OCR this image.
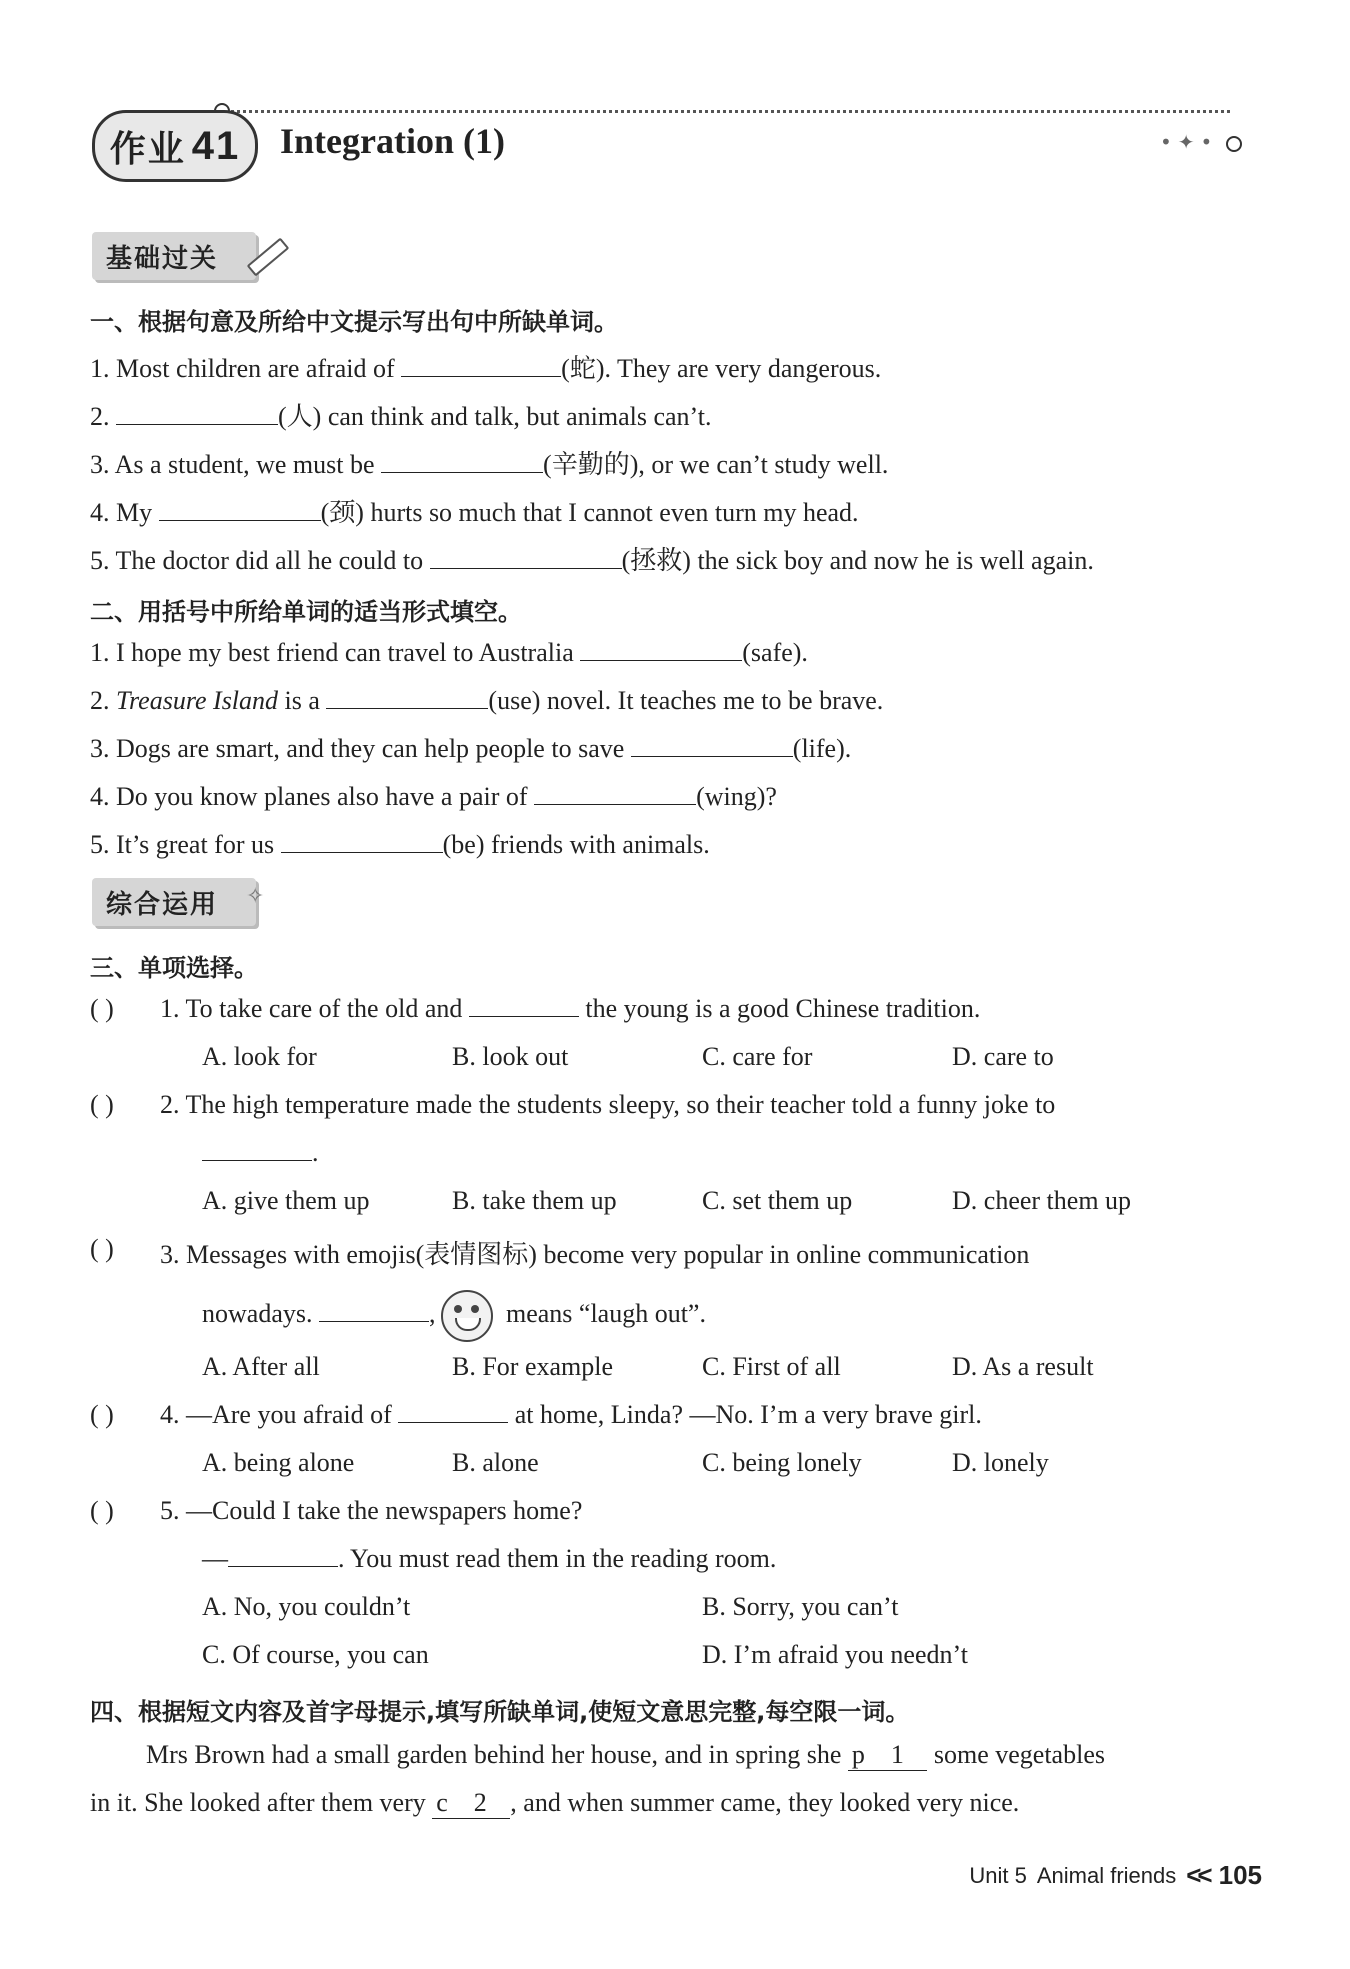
•✦•
作业 41 Integration (1)
基础过关
一、根据句意及所给中文提示写出句中所缺单词。
1. Most children are afraid of	(蛇). They are very dangerous.
2.	(人) can think and talk, but animals can’t.
3. As a student, we must be	(辛勤的), or we can’t study well.
4. My	(颈) hurts so much that I cannot even turn my head.
5. The doctor did all he could to	(拯救) the sick boy and now he is well again.
二、用括号中所给单词的适当形式填空。
1. I hope my best friend can travel to Australia	(safe).
2. Treasure Island is a	(use) novel. It teaches me to be brave.
3. Dogs are smart, and they can help people to save	(life).
4. Do you know planes also have a pair of	(wing)?
5. It’s great for us	(be) friends with animals.
综合运用 ✧
三、单项选择。
( ) 1. To take care of the old and	the young is a good Chinese tradition.
A. look for	B. look out	C. care for	D. care to
( ) 2. The high temperature made the students sleepy, so their teacher told a funny joke to
.
A. give them up	B. take them up	C. set them up	D. cheer them up
( ) 3. Messages with emojis(表情图标) become very popular in online communication
nowadays.	, means “laugh out”.
A. After all	B. For example	C. First of all	D. As a result
( ) 4. —Are you afraid of	at home, Linda? —No. I’m a very brave girl.
A. being alone	B. alone	C. being lonely	D. lonely
( ) 5. —Could I take the newspapers home?
—	. You must read them in the reading room.
A. No, you couldn’t	B. Sorry, you can’t
C. Of course, you can	D. I’m afraid you needn’t
四、根据短文内容及首字母提示,填写所缺单词,使短文意思完整,每空限一词。
Mrs Brown had a small garden behind her house, and in spring she p    1    some vegetables
in it. She looked after them very c    2   , and when summer came, they looked very nice.
Unit 5 Animal friends << 105
